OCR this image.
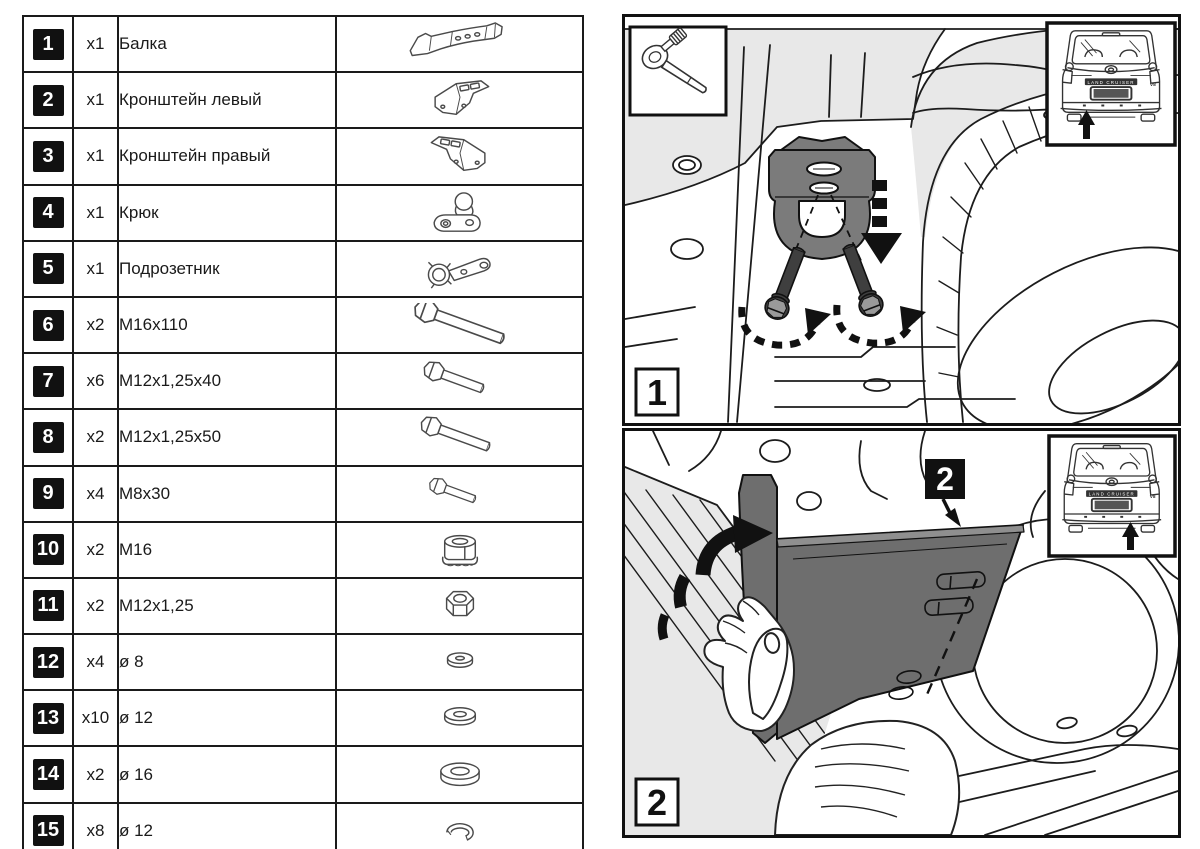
1	x1	Балка	
2	x1	Кронштейн левый	
3	x1	Кронштейн правый	
4	x1	Крюк	
5	x1	Подрозетник	
6	x2	M16x110	
7	x6	M12x1,25x40	
8	x2	M12x1,25x50	
9	x4	M8x30	
10	x2	M16	
11	x2	M12x1,25	
12	x4	ø 8	
13	x10	ø 12	
14	x2	ø 16	
15	x8	ø 12	
1
2
2
